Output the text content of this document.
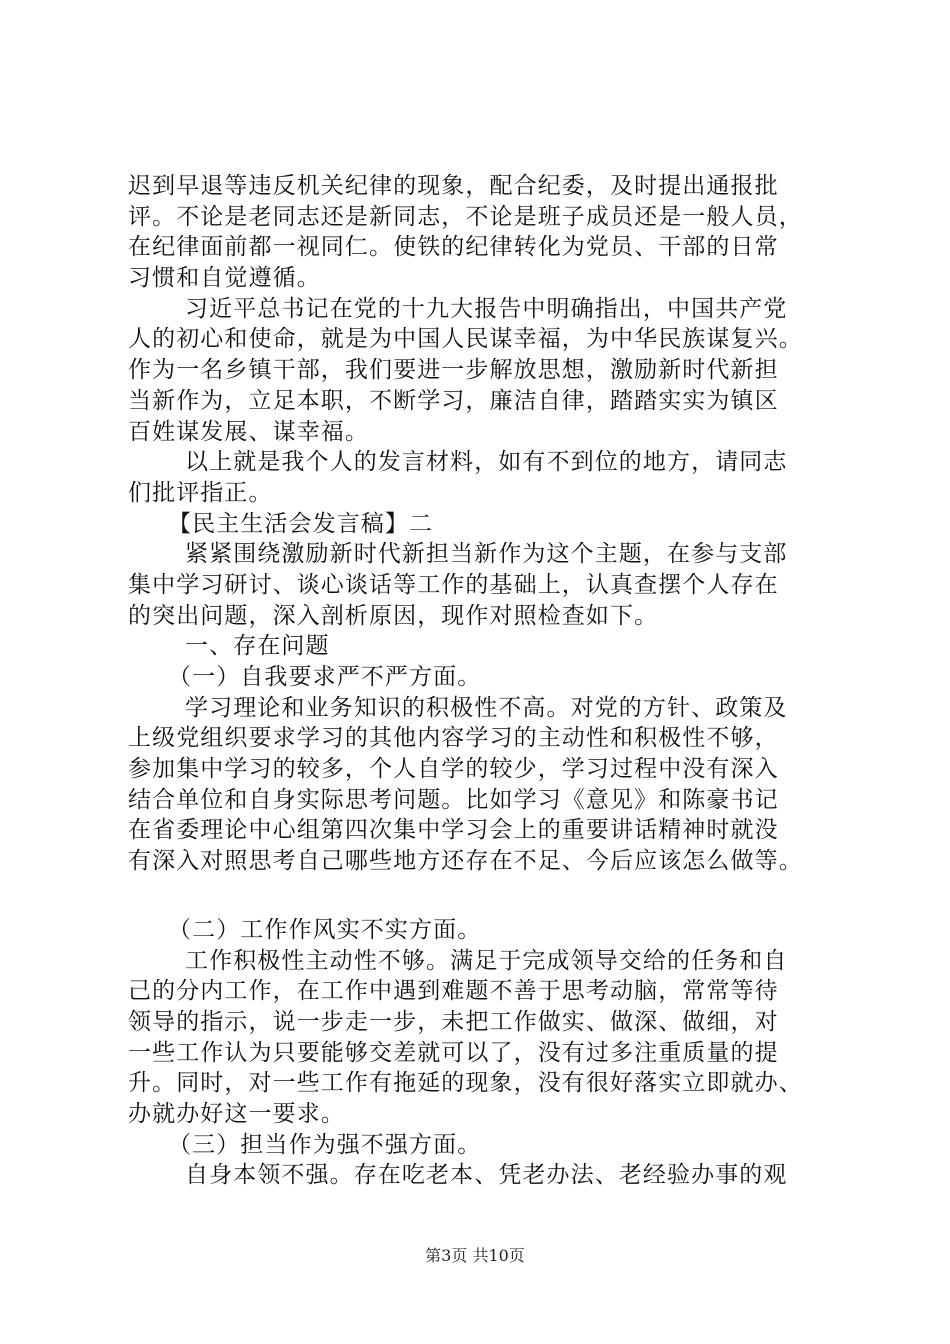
迟到早退等违反机关纪律的现象，配合纪委，及时提出通报批
评。不论是老同志还是新同志，不论是班子成员还是一般人员，
在纪律面前都一视同仁。使铁的纪律转化为党员、干部的日常
习惯和自觉遵循。
习近平总书记在党的十九大报告中明确指出，中国共产党
人的初心和使命，就是为中国人民谋幸福，为中华民族谋复兴。
作为一名乡镇干部，我们要进一步解放思想，激励新时代新担
当新作为，立足本职，不断学习，廉洁自律，踏踏实实为镇区
百姓谋发展、谋幸福。
以上就是我个人的发言材料，如有不到位的地方，请同志
们批评指正。
【民主生活会发言稿】二
紧紧围绕激励新时代新担当新作为这个主题，在参与支部
集中学习研讨、谈心谈话等工作的基础上，认真查摆个人存在
的突出问题，深入剖析原因，现作对照检查如下。
一、存在问题
（一）自我要求严不严方面。
学习理论和业务知识的积极性不高。对党的方针、政策及
上级党组织要求学习的其他内容学习的主动性和积极性不够，
参加集中学习的较多，个人自学的较少，学习过程中没有深入
结合单位和自身实际思考问题。比如学习《意见》和陈豪书记
在省委理论中心组第四次集中学习会上的重要讲话精神时就没
有深入对照思考自己哪些地方还存在不足、今后应该怎么做等。
（二）工作作风实不实方面。
工作积极性主动性不够。满足于完成领导交给的任务和自
己的分内工作，在工作中遇到难题不善于思考动脑，常常等待
领导的指示，说一步走一步，未把工作做实、做深、做细，对
一些工作认为只要能够交差就可以了，没有过多注重质量的提
升。同时，对一些工作有拖延的现象，没有很好落实立即就办、
办就办好这一要求。
（三）担当作为强不强方面。
自身本领不强。存在吃老本、凭老办法、老经验办事的观
第3页 共10页
